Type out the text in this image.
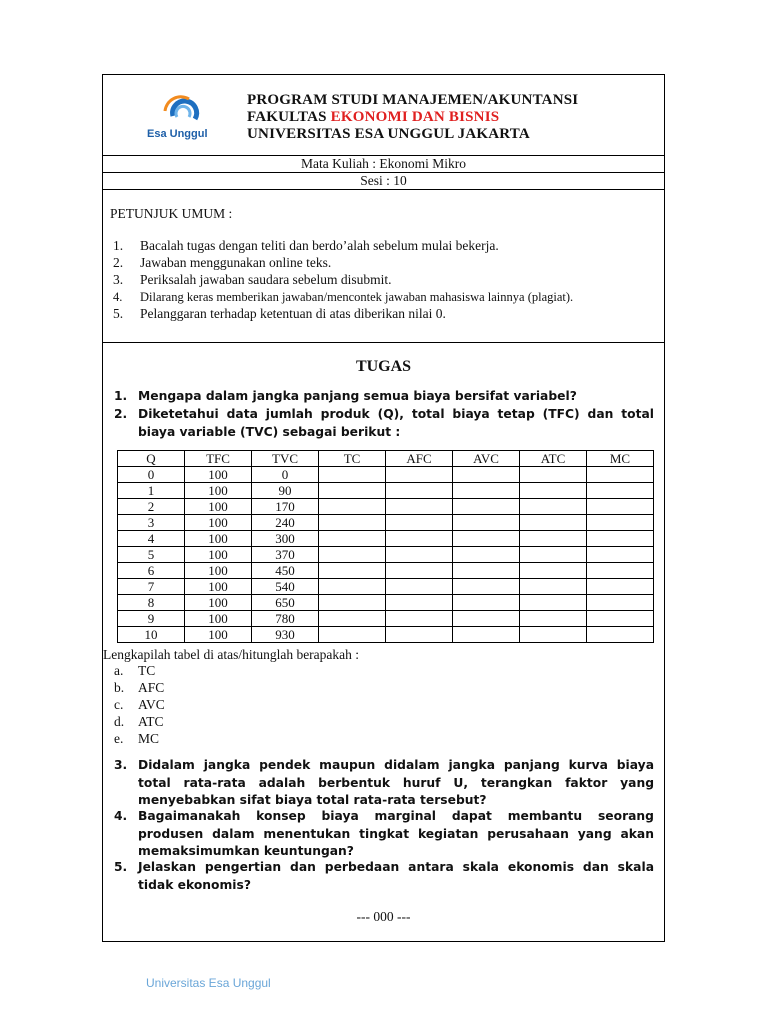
Esa Unggul
PROGRAM STUDI MANAJEMEN/AKUNTANSI
FAKULTAS EKONOMI DAN BISNIS
UNIVERSITAS ESA UNGGUL JAKARTA
Mata Kuliah : Ekonomi Mikro
Sesi : 10
PETUNJUK UMUM :
1. Bacalah tugas dengan teliti dan berdo’alah sebelum mulai bekerja.
2. Jawaban menggunakan online teks.
3. Periksalah jawaban saudara sebelum disubmit.
4. Dilarang keras memberikan jawaban/mencontek jawaban mahasiswa lainnya (plagiat).
5. Pelanggaran terhadap ketentuan di atas diberikan nilai 0.
TUGAS
1. Mengapa dalam jangka panjang semua biaya bersifat variabel?
2. Diketetahui data jumlah produk (Q), total biaya tetap (TFC) dan total biaya variable (TVC) sebagai berikut :
Q	TFC	TVC	TC	AFC	AVC	ATC	MC
0	100	0					
1	100	90					
2	100	170					
3	100	240					
4	100	300					
5	100	370					
6	100	450					
7	100	540					
8	100	650					
9	100	780					
10	100	930					
Lengkapilah tabel di atas/hitunglah berapakah :
a. TC
b. AFC
c. AVC
d. ATC
e. MC
3. Didalam jangka pendek maupun didalam jangka panjang kurva biaya total rata-rata adalah berbentuk huruf U, terangkan faktor yang menyebabkan sifat biaya total rata-rata tersebut?
4. Bagaimanakah konsep biaya marginal dapat membantu seorang produsen dalam menentukan tingkat kegiatan perusahaan yang akan memaksimumkan keuntungan?
5. Jelaskan pengertian dan perbedaan antara skala ekonomis dan skala tidak ekonomis?
--- 000 ---
Universitas Esa Unggul
